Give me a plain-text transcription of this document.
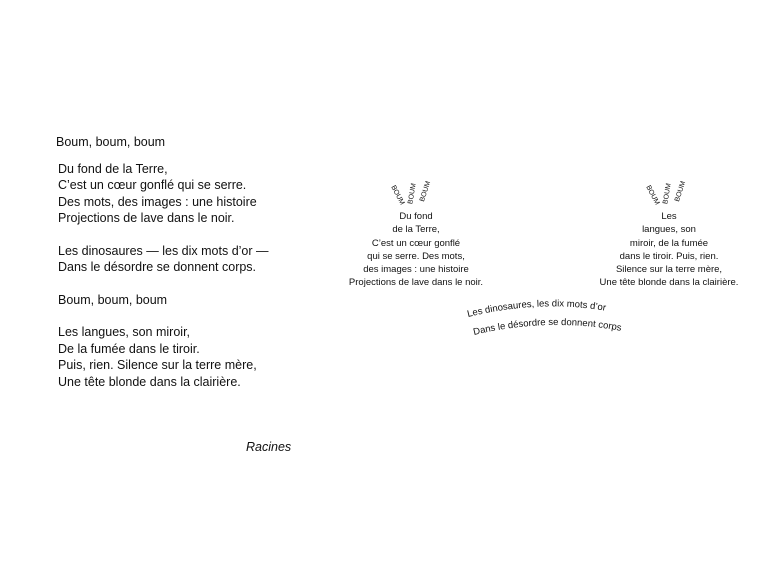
Boum, boum, boum
Du fond de la Terre,
C’est un cœur gonflé qui se serre.
Des mots, des images : une histoire
Projections de lave dans le noir.
Les dinosaures — les dix mots d’or —
Dans le désordre se donnent corps.
Boum, boum, boum
Les langues, son miroir,
De la fumée dans le tiroir.
Puis, rien. Silence sur la terre mère,
Une tête blonde dans la clairière.
Racines
Du fond
de la Terre,
C’est un cœur gonflé
qui se serre. Des mots,
des images : une histoire
Projections de lave dans le noir.
Les
langues, son
miroir, de la fumée
dans le tiroir. Puis, rien.
Silence sur la terre mère,
Une tête blonde dans la clairière.
BOUM BOUM BOUM	BOUM BOUM BOUM
Les dinosaures, les dix mots d’or
Dans le désordre se donnent corps
